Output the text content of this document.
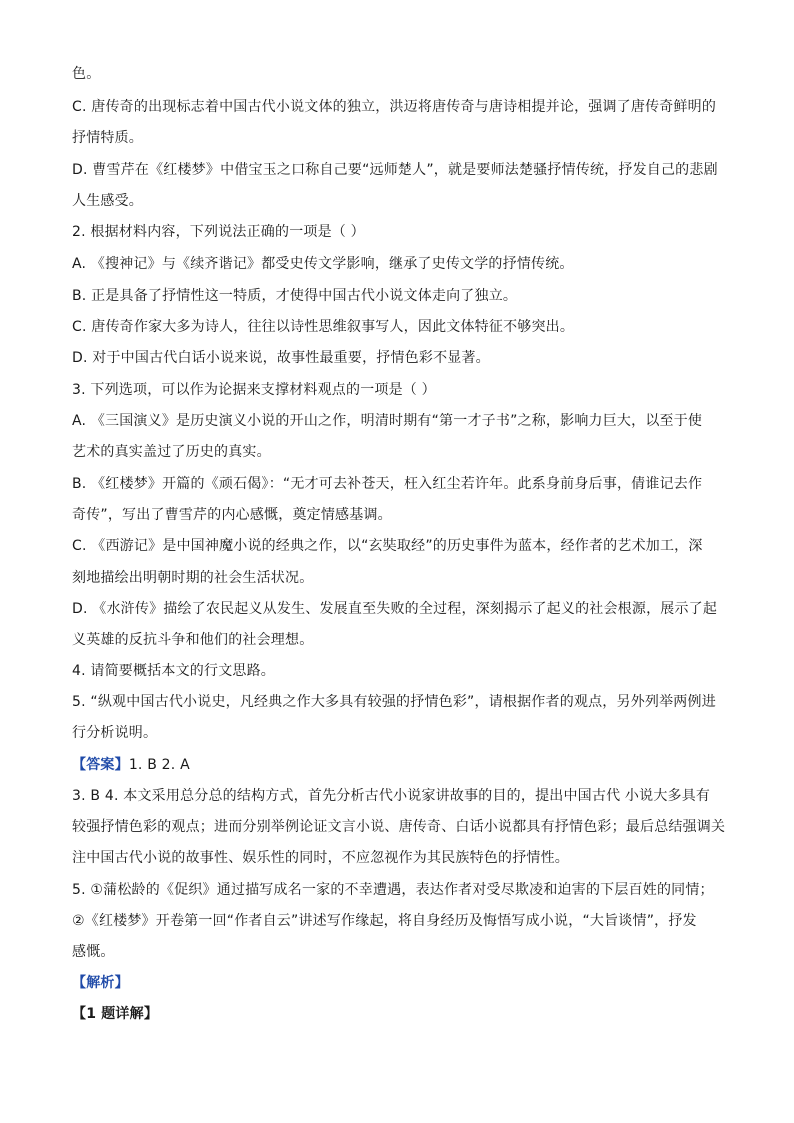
色。
C. 唐传奇的出现标志着中国古代小说文体的独立，洪迈将唐传奇与唐诗相提并论，强调了唐传奇鲜明的
抒情特质。
D. 曹雪芹在《红楼梦》中借宝玉之口称自己要“远师楚人”，就是要师法楚骚抒情传统，抒发自己的悲剧
人生感受。
2. 根据材料内容，下列说法正确的一项是（ ）
A. 《搜神记》与《续齐谐记》都受史传文学影响，继承了史传文学的抒情传统。
B. 正是具备了抒情性这一特质，才使得中国古代小说文体走向了独立。
C. 唐传奇作家大多为诗人，往往以诗性思维叙事写人，因此文体特征不够突出。
D. 对于中国古代白话小说来说，故事性最重要，抒情色彩不显著。
3. 下列选项，可以作为论据来支撑材料观点的一项是（ ）
A. 《三国演义》是历史演义小说的开山之作，明清时期有“第一才子书”之称，影响力巨大，以至于使
艺术的真实盖过了历史的真实。
B. 《红楼梦》开篇的《顽石偈》：“无才可去补苍天，枉入红尘若许年。此系身前身后事，倩谁记去作
奇传”，写出了曹雪芹的内心感慨，奠定情感基调。
C. 《西游记》是中国神魔小说的经典之作，以“玄奘取经”的历史事件为蓝本，经作者的艺术加工，深
刻地描绘出明朝时期的社会生活状况。
D. 《水浒传》描绘了农民起义从发生、发展直至失败的全过程，深刻揭示了起义的社会根源，展示了起
义英雄的反抗斗争和他们的社会理想。
4. 请简要概括本文的行文思路。
5. “纵观中国古代小说史，凡经典之作大多具有较强的抒情色彩”，请根据作者的观点，另外列举两例进
行分析说明。
【答案】1. B 2. A
3. B 4. 本文采用总分总的结构方式，首先分析古代小说家讲故事的目的，提出中国古代 小说大多具有
较强抒情色彩的观点；进而分别举例论证文言小说、唐传奇、白话小说都具有抒情色彩；最后总结强调关
注中国古代小说的故事性、娱乐性的同时，不应忽视作为其民族特色的抒情性。
5. ①蒲松龄的《促织》通过描写成名一家的不幸遭遇，表达作者对受尽欺凌和迫害的下层百姓的同情；
②《红楼梦》开卷第一回“作者自云”讲述写作缘起，将自身经历及悔悟写成小说，“大旨谈情”，抒发
感慨。
【解析】
【1 题详解】
